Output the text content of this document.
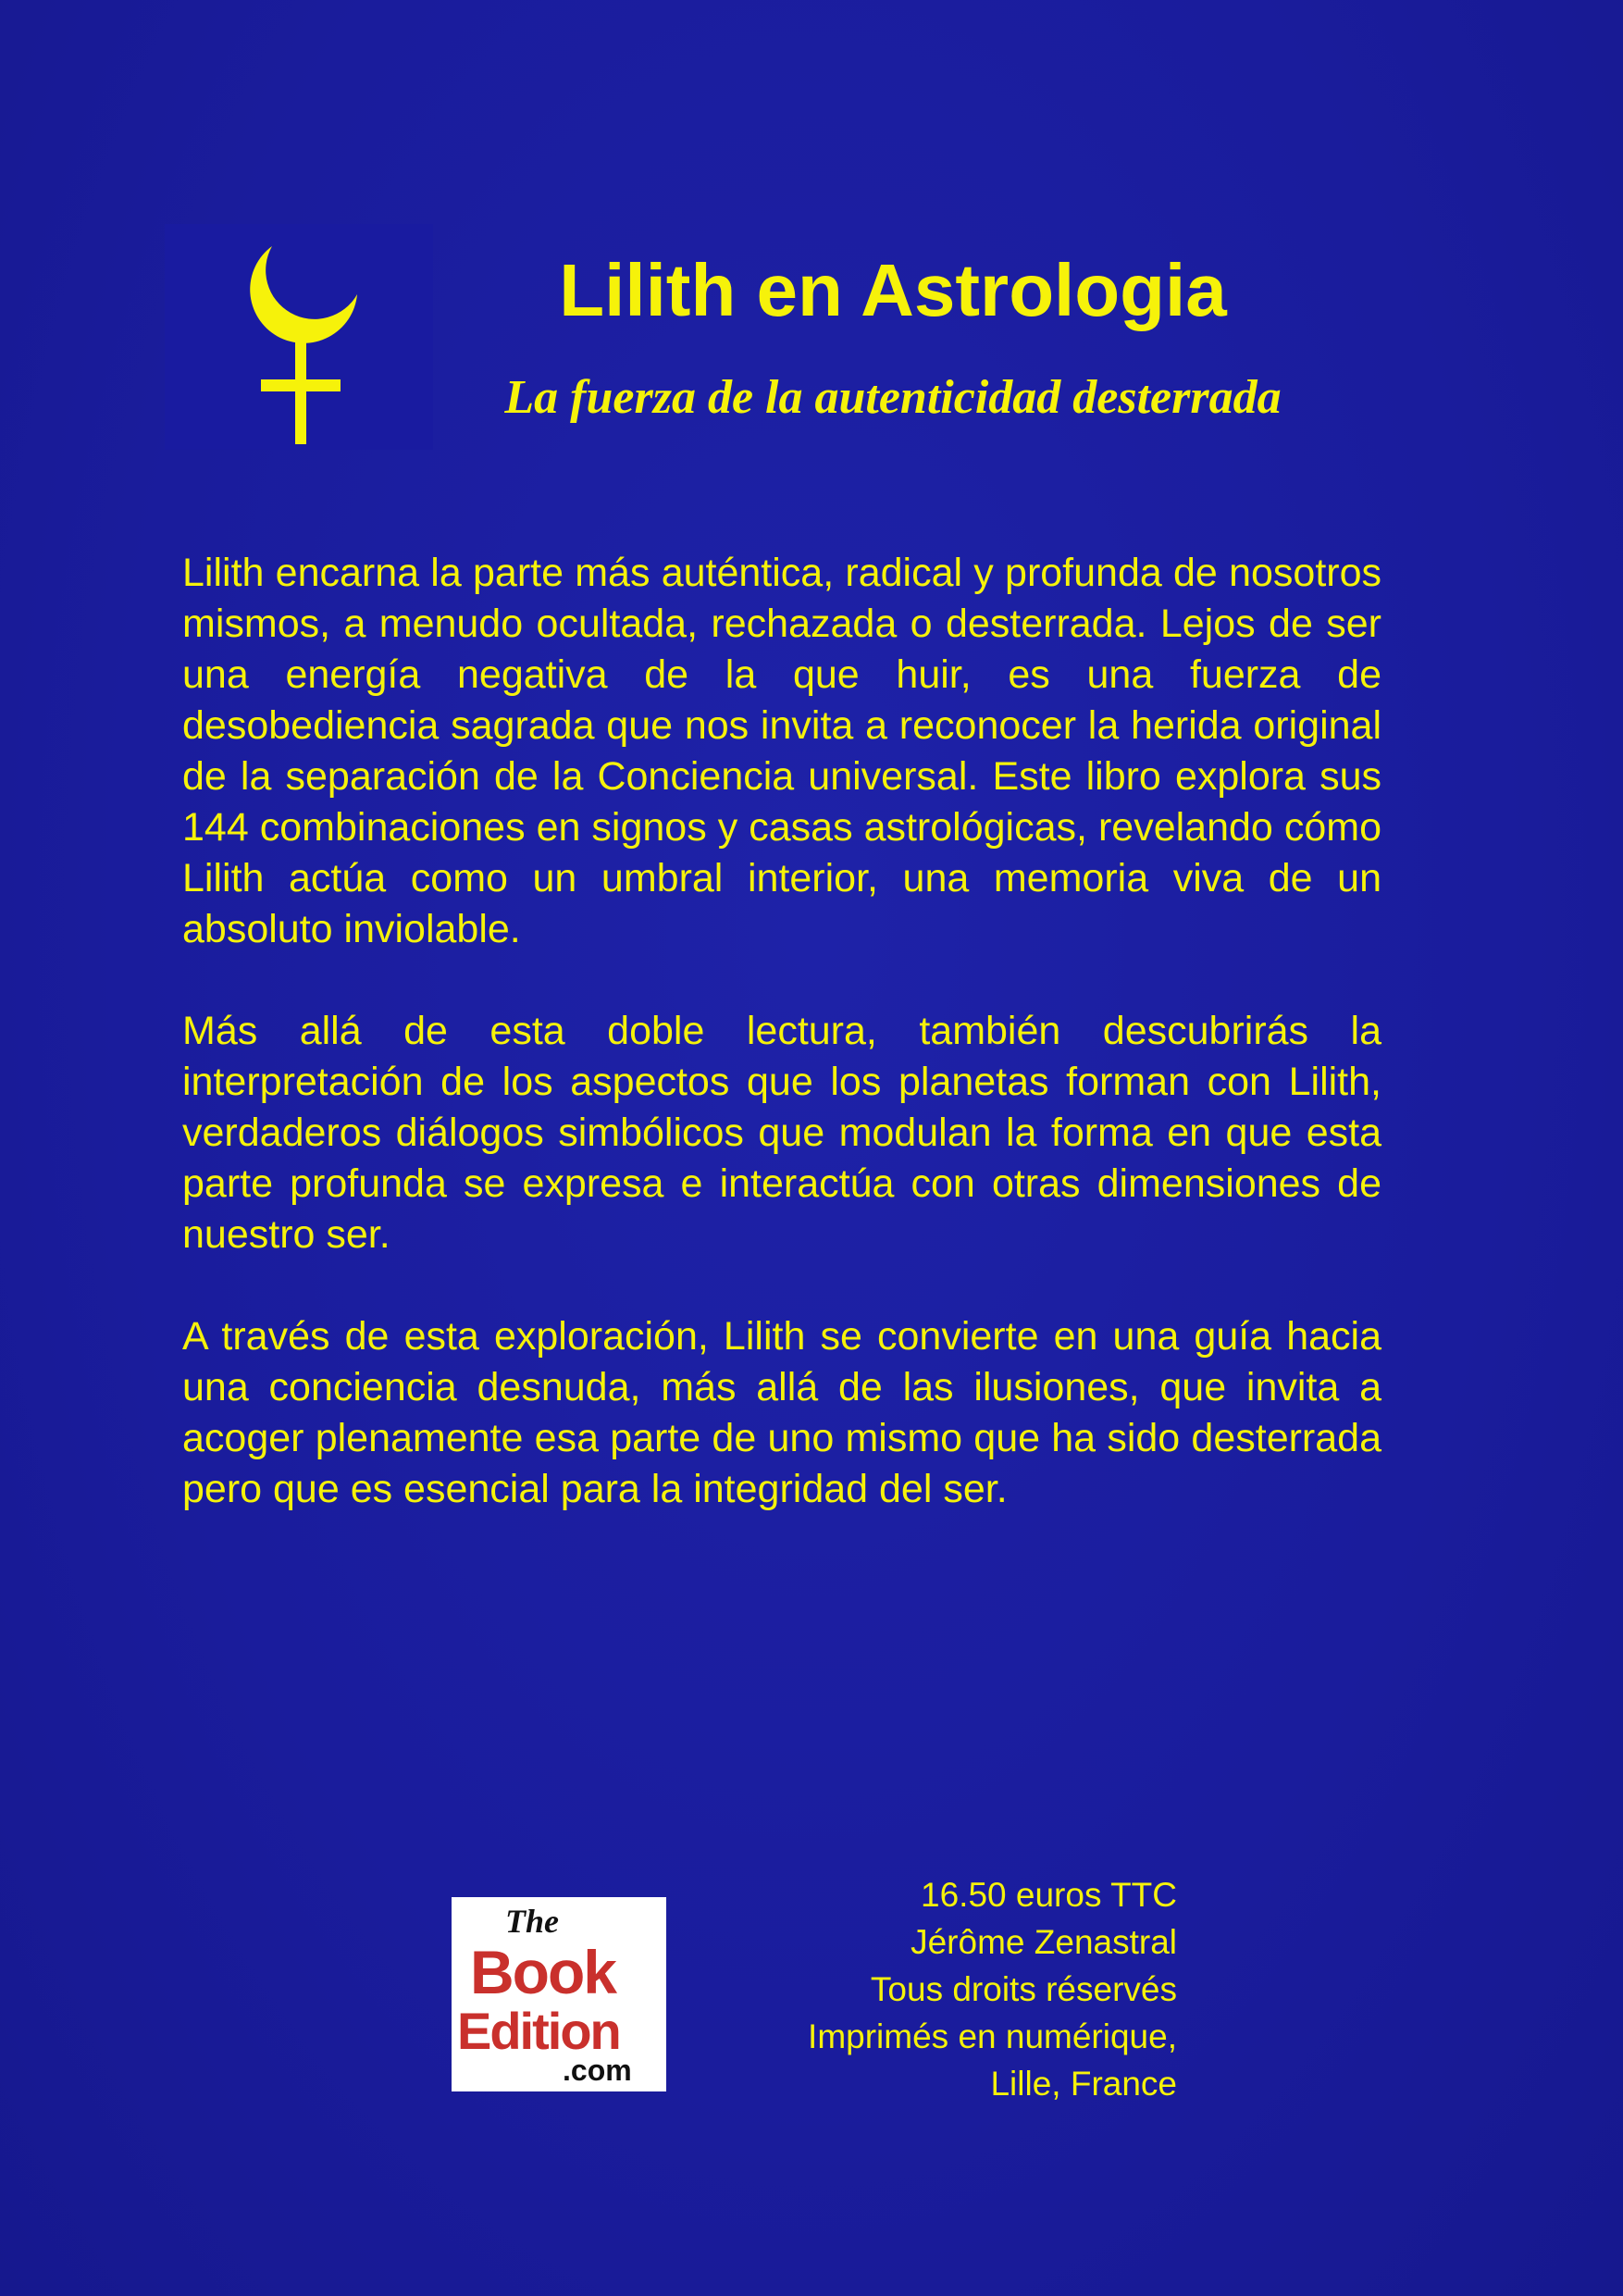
Lilith en Astrologia
La fuerza de la autenticidad desterrada

Lilith encarna la parte más auténtica, radical y profunda de nosotros mismos, a menudo ocultada, rechazada o desterrada. Lejos de ser una energía negativa de la que huir, es una fuerza de desobediencia sagrada que nos invita a reconocer la herida original de la separación de la Conciencia universal. Este libro explora sus 144 combinaciones en signos y casas astrológicas, revelando cómo Lilith actúa como un umbral interior, una memoria viva de un absoluto inviolable.

Más allá de esta doble lectura, también descubrirás la interpretación de los aspectos que los planetas forman con Lilith, verdaderos diálogos simbólicos que modulan la forma en que esta parte profunda se expresa e interactúa con otras dimensiones de nuestro ser.

A través de esta exploración, Lilith se convierte en una guía hacia una conciencia desnuda, más allá de las ilusiones, que invita a acoger plenamente esa parte de uno mismo que ha sido desterrada pero que es esencial para la integridad del ser.

The
Book
Edition
.com
16.50 euros TTC
Jérôme Zenastral
Tous droits réservés
Imprimés en numérique,
Lille, France
